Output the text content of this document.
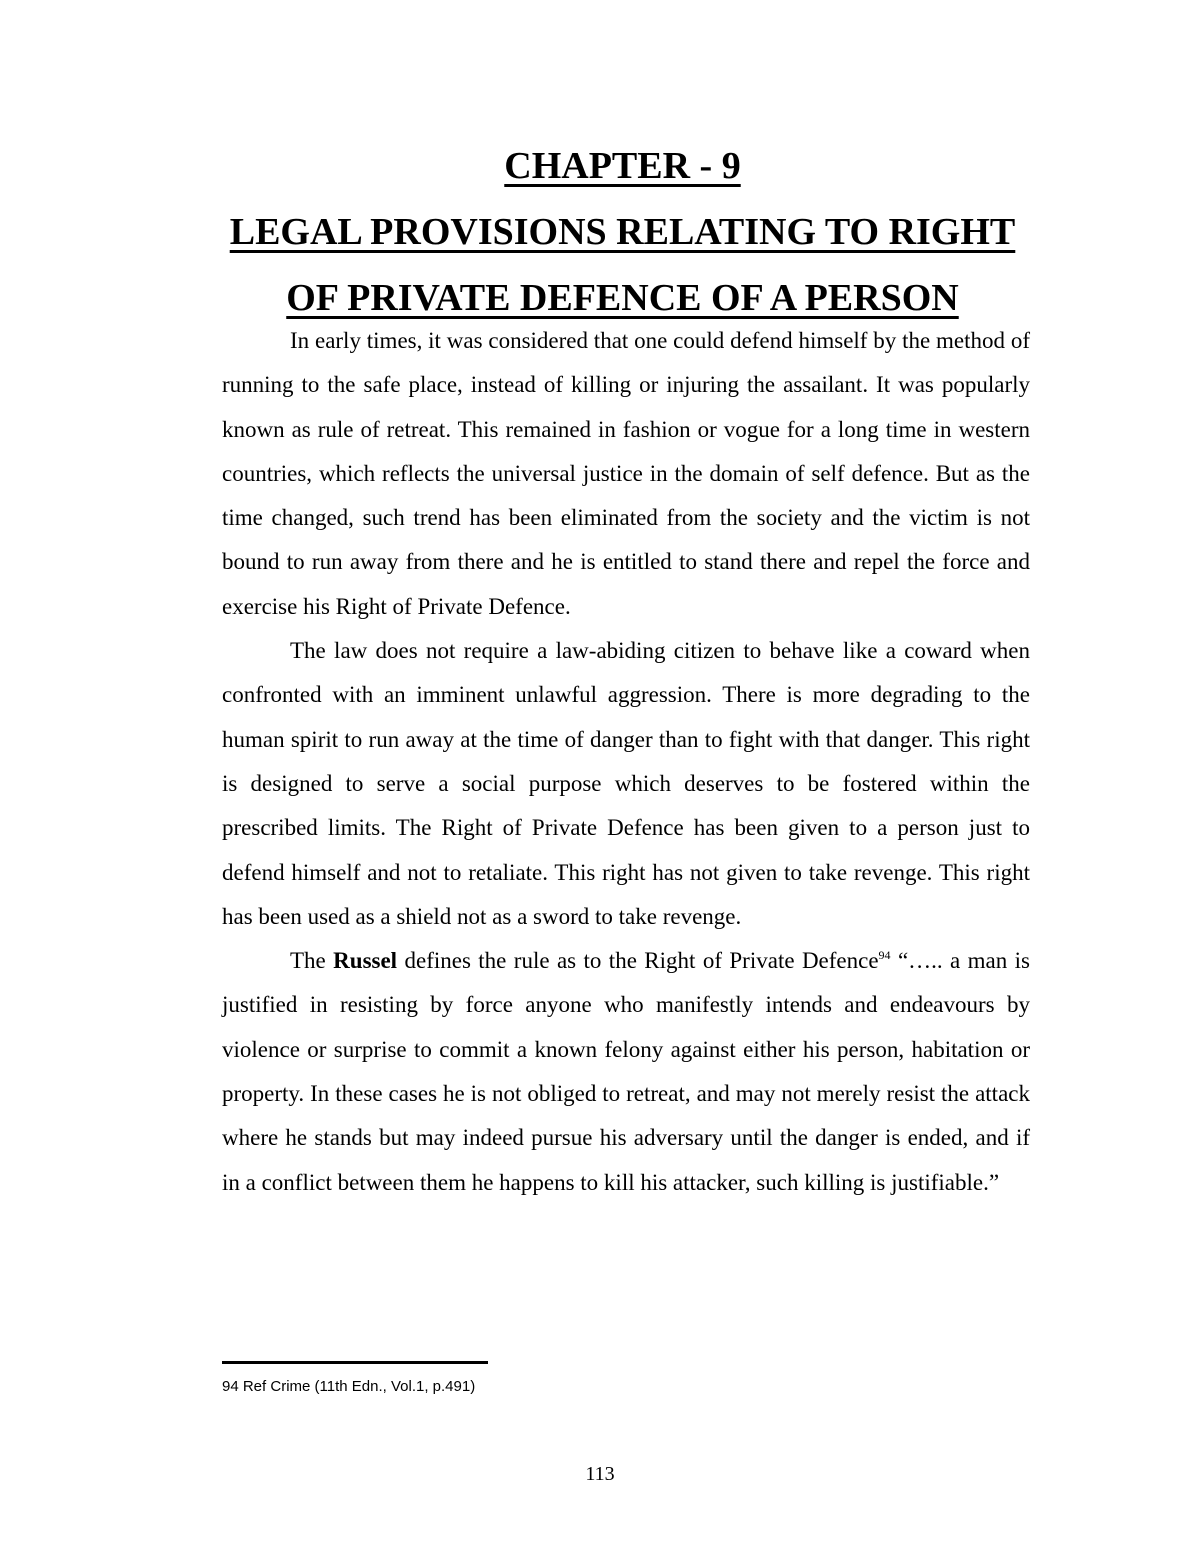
CHAPTER - 9
LEGAL PROVISIONS RELATING TO RIGHT
OF PRIVATE DEFENCE OF A PERSON

In early times, it was considered that one could defend himself by the method of running to the safe place, instead of killing or injuring the assailant. It was popularly known as rule of retreat. This remained in fashion or vogue for a long time in western countries, which reflects the universal justice in the domain of self defence. But as the time changed, such trend has been eliminated from the society and the victim is not bound to run away from there and he is entitled to stand there and repel the force and exercise his Right of Private Defence.

The law does not require a law-abiding citizen to behave like a coward when confronted with an imminent unlawful aggression. There is more degrading to the human spirit to run away at the time of danger than to fight with that danger. This right is designed to serve a social purpose which deserves to be fostered within the prescribed limits. The Right of Private Defence has been given to a person just to defend himself and not to retaliate. This right has not given to take revenge. This right has been used as a shield not as a sword to take revenge.

The Russel defines the rule as to the Right of Private Defence$^{94}$ “….. a man is justified in resisting by force anyone who manifestly intends and endeavours by violence or surprise to commit a known felony against either his person, habitation or property. In these cases he is not obliged to retreat, and may not merely resist the attack where he stands but may indeed pursue his adversary until the danger is ended, and if in a conflict between them he happens to kill his attacker, such killing is justifiable.”

94 Ref Crime (11th Edn., Vol.1, p.491)
113
